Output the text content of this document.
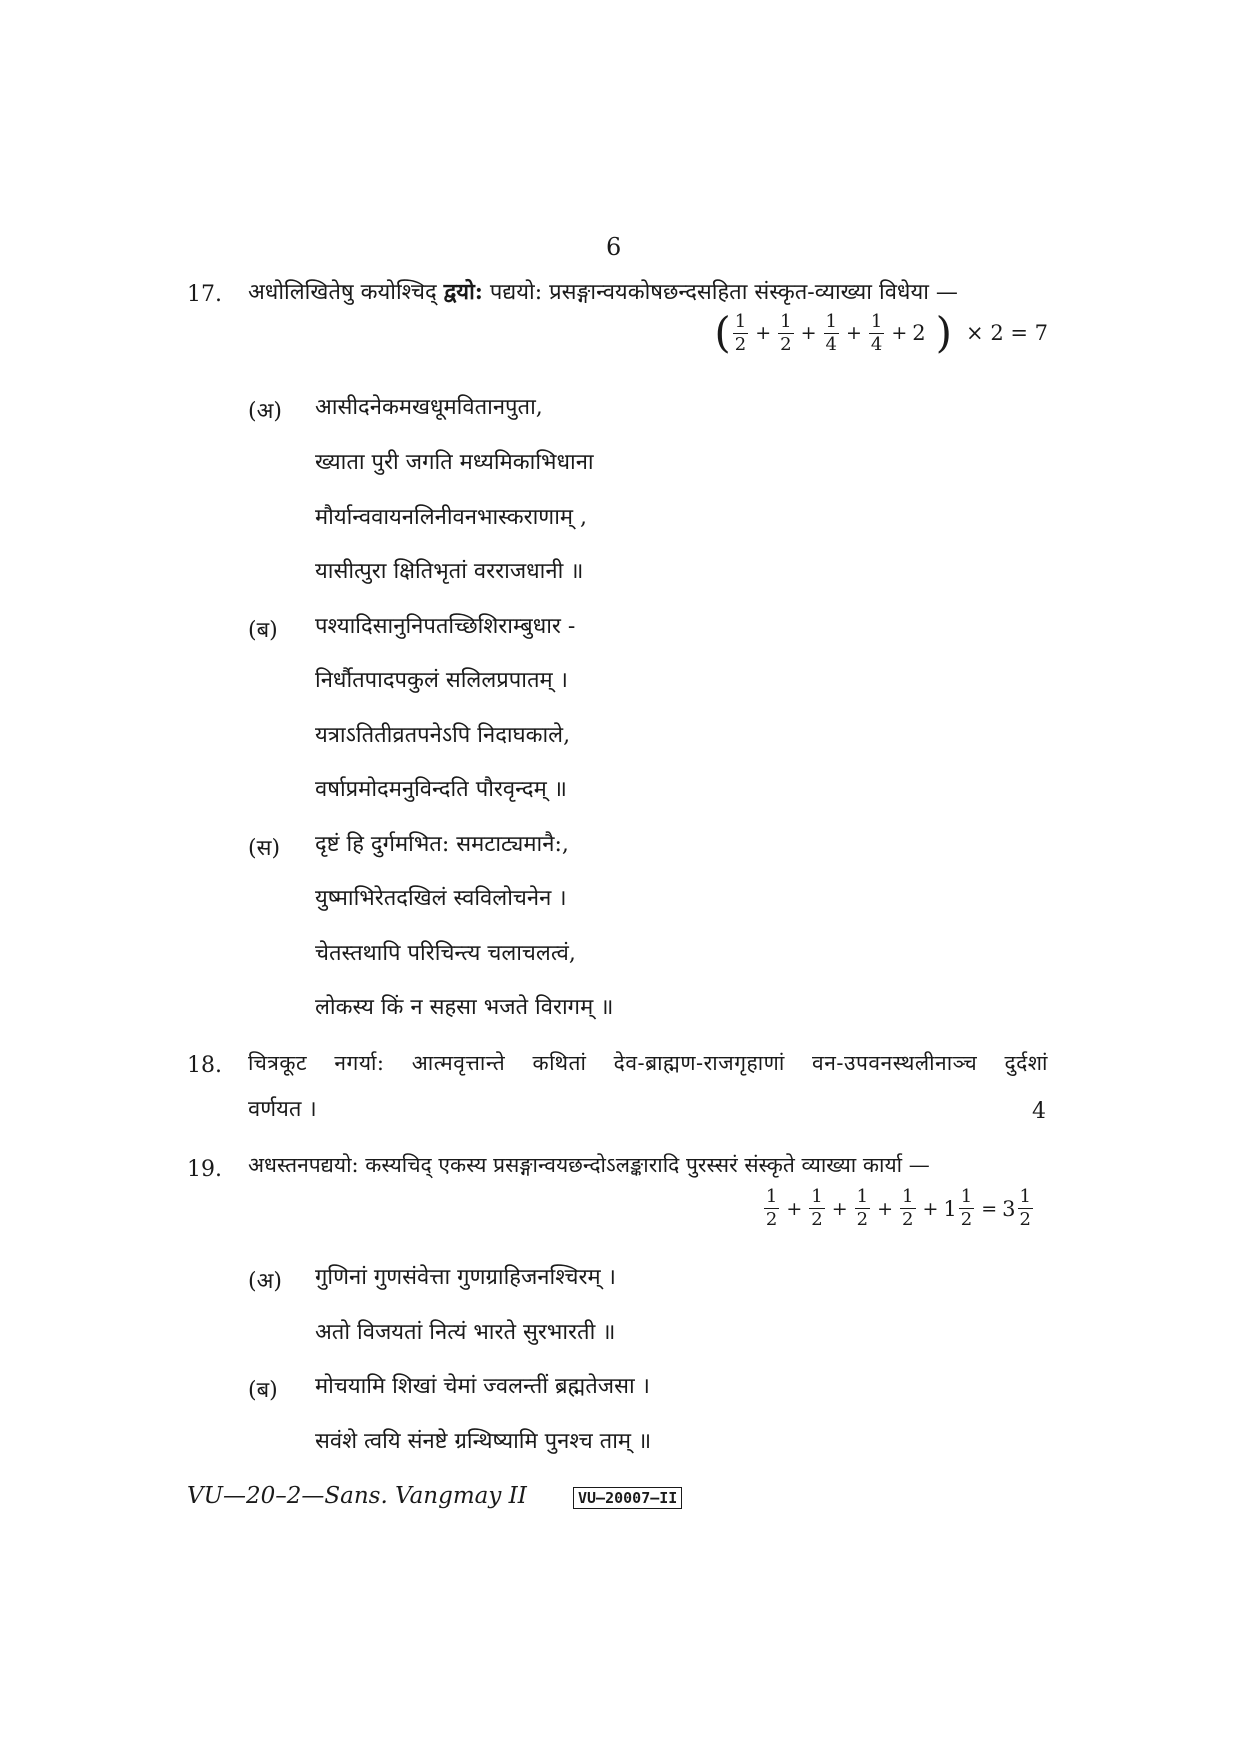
6
17. अधोलिखितेषु कयोश्चिद् द्वयो: पद्ययो: प्रसङ्गान्वयकोषछन्दसहिता संस्कृत-व्याख्या विधेया —
( $\frac{1}{2} + \frac{1}{2} + \frac{1}{4} + \frac{1}{4} + 2$ ) × 2 = 7
(अ) आसीदनेकमखधूमवितानपुता,
ख्याता पुरी जगति मध्यमिकाभिधाना
मौर्यान्ववायनलिनीवनभास्कराणाम् ,
यासीत्पुरा क्षितिभृतां वरराजधानी ॥
(ब) पश्यादिसानुनिपतच्छिशिराम्बुधार -
निर्धौतपादपकुलं सलिलप्रपातम् ।
यत्राऽतितीव्रतपनेऽपि निदाघकाले,
वर्षाप्रमोदमनुविन्दति पौरवृन्दम् ॥
(स) दृष्टं हि दुर्गमभित: समटाट्यमानै:,
युष्माभिरेतदखिलं स्वविलोचनेन ।
चेतस्तथापि परिचिन्त्य चलाचलत्वं,
लोकस्य किं न सहसा भजते विरागम् ॥
18. चित्रकूट नगर्या: आत्मवृत्तान्ते कथितां देव-ब्राह्मण-राजगृहाणां वन-उपवनस्थलीनाञ्च दुर्दशां
वर्णयत ।	4
19. अधस्तनपद्ययो: कस्यचिद् एकस्य प्रसङ्गान्वयछन्दोऽलङ्कारादि पुरस्सरं संस्कृते व्याख्या कार्या —
$\frac{1}{2} + \frac{1}{2} + \frac{1}{2} + \frac{1}{2} + 1 \frac{1}{2} = 3 \frac{1}{2}$
(अ) गुणिनां गुणसंवेत्ता गुणग्राहिजनश्चिरम् ।
अतो विजयतां नित्यं भारते सुरभारती ॥
(ब) मोचयामि शिखां चेमां ज्वलन्तीं ब्रह्मतेजसा ।
सवंशे त्वयि संनष्टे ग्रन्थिष्यामि पुनश्च ताम् ॥
VU—20–2—Sans. Vangmay II	VU–20007–II
